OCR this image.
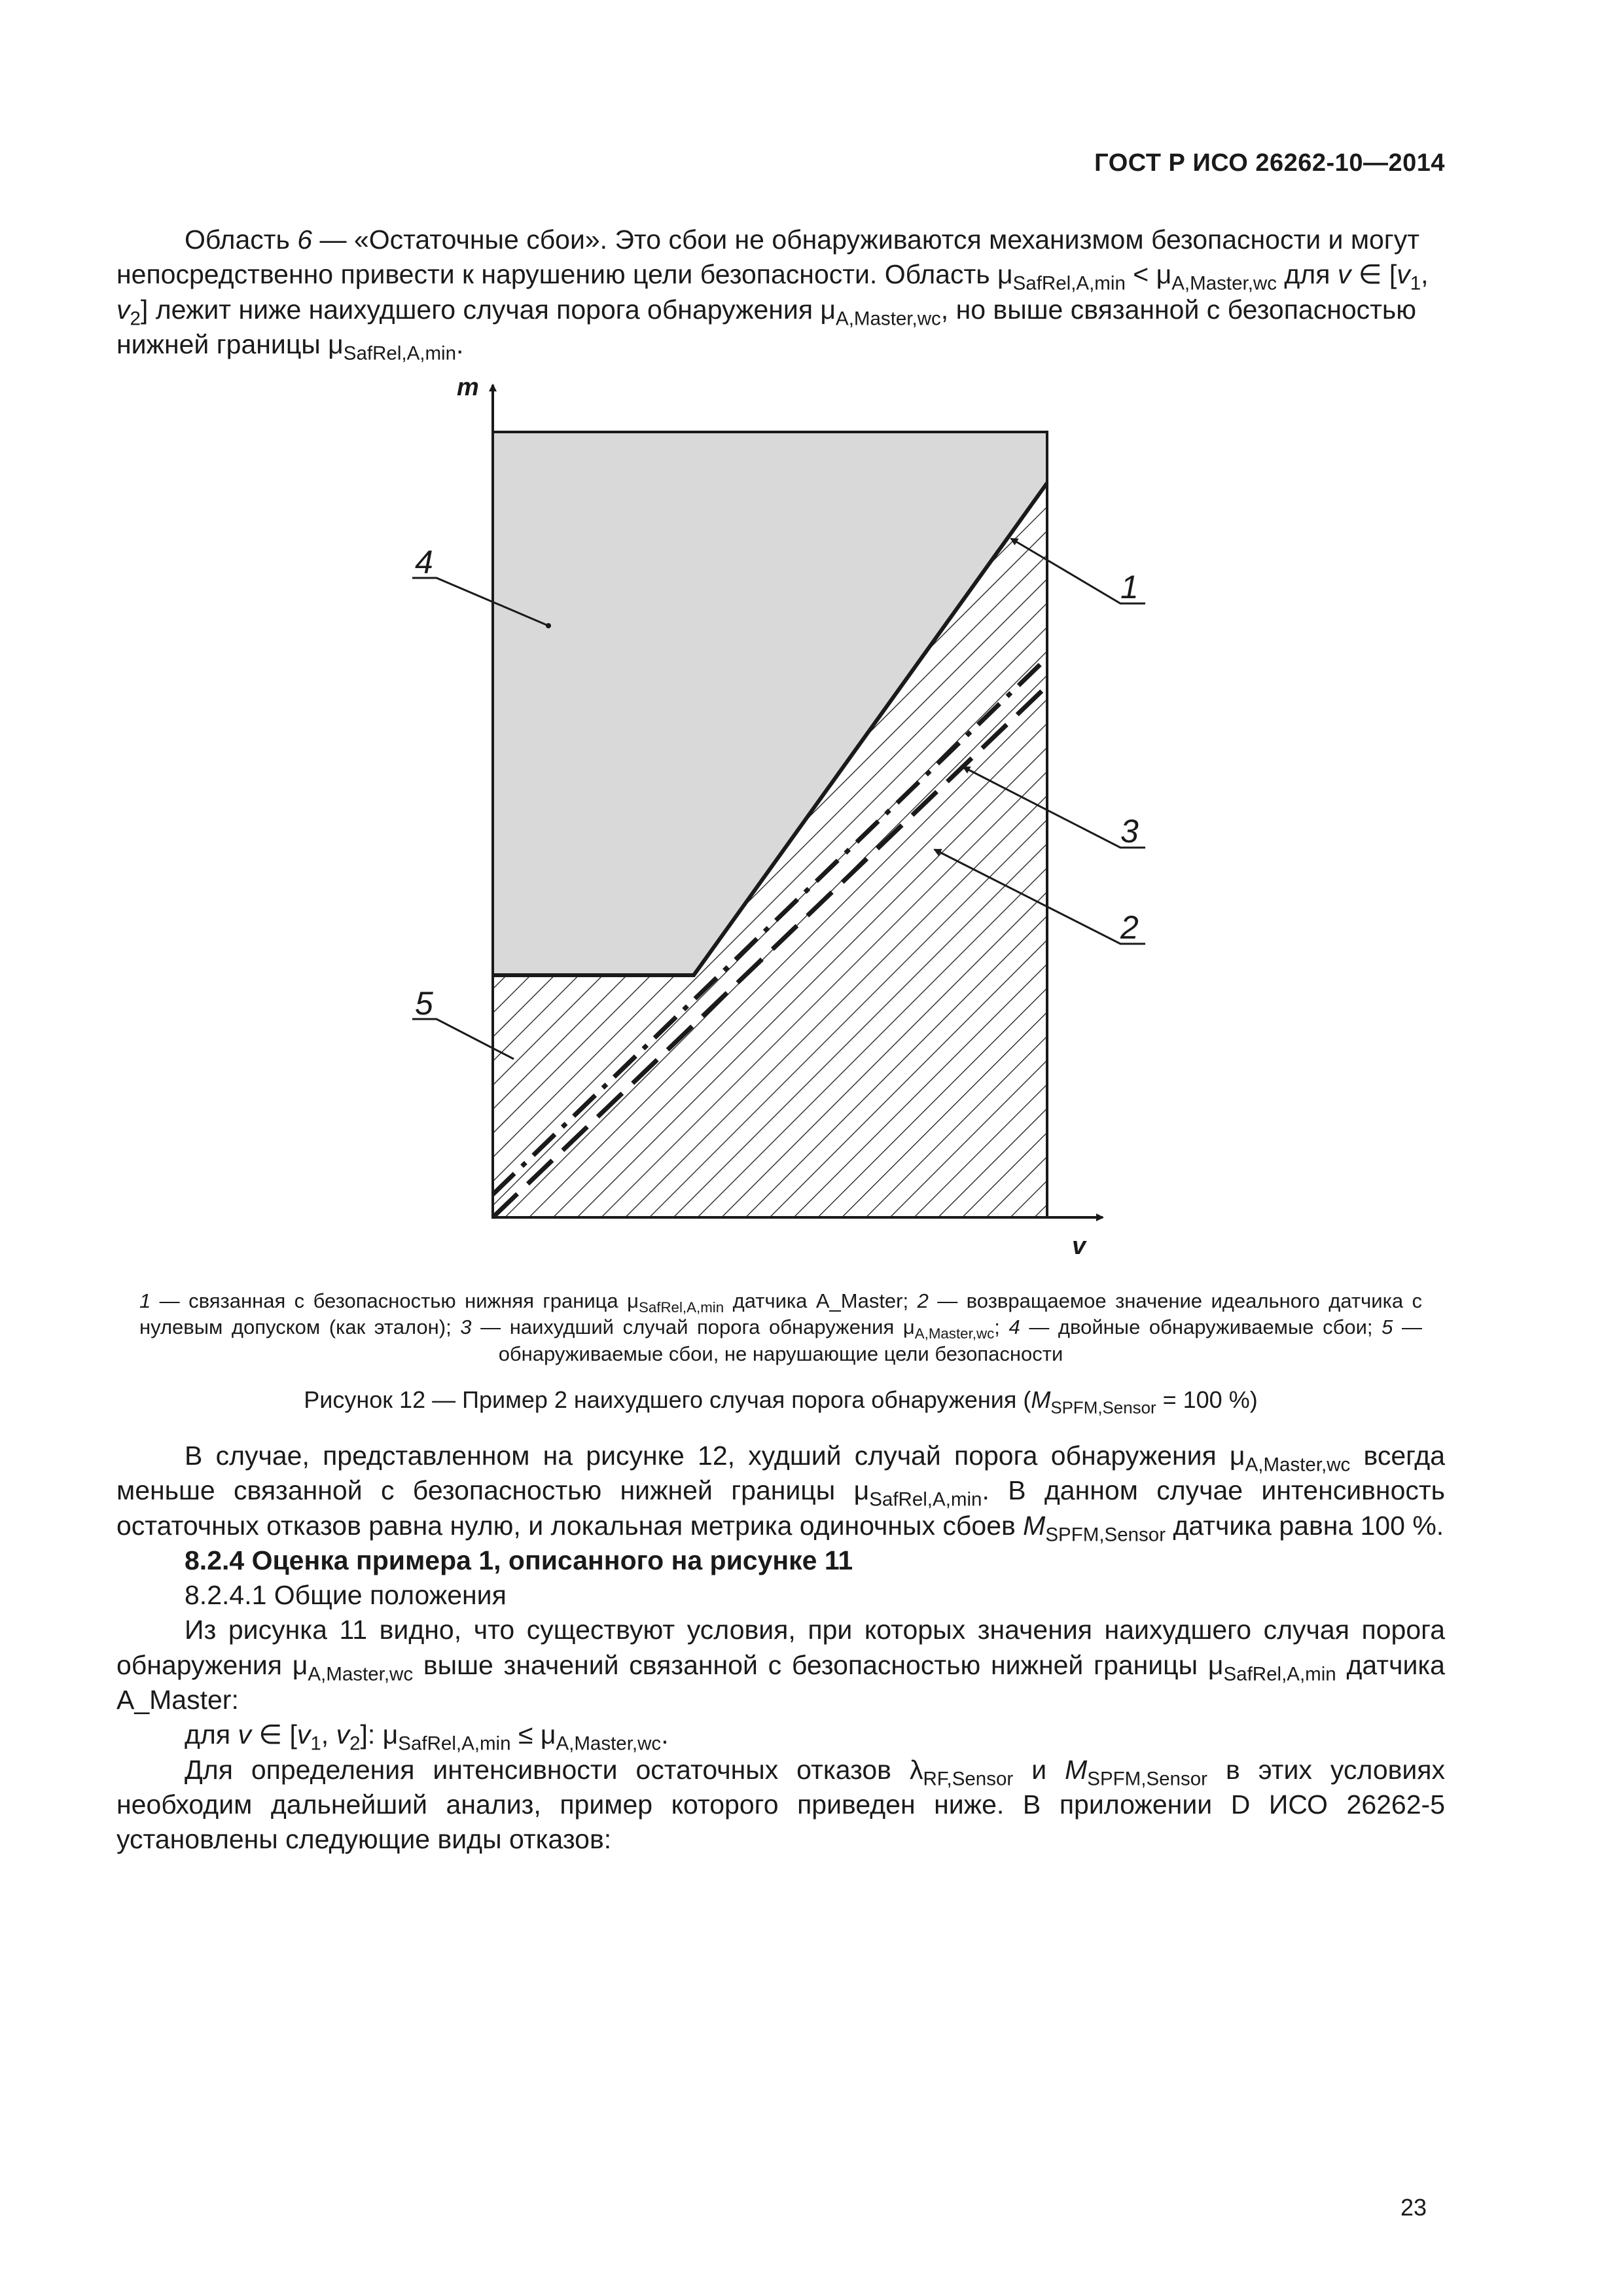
ГОСТ Р ИСО 26262-10—2014

Область 6 — «Остаточные сбои». Это сбои не обнаруживаются механизмом безопасности и могут непосредственно привести к нарушению цели безопасности. Область $\mu_{SafRel,A,min} < \mu_{A,Master,wc}$ для v ∈ [$v_1$, $v_2$] лежит ниже наихудшего случая порога обнаружения $\mu_{A,Master,wc}$, но выше связанной с безопасностью нижней границы $\mu_{SafRel,A,min}$.

m
v
4
5
1
3
2
1 — связанная с безопасностью нижняя граница $\mu_{SafRel,A,min}$ датчика A_Master; 2 — возвращаемое значение идеального датчика с нулевым допуском (как эталон); 3 — наихудший случай порога обнаружения $\mu_{A,Master,wc}$; 4 — двойные обнаруживаемые сбои; 5 — обнаруживаемые сбои, не нарушающие цели безопасности
Рисунок 12 — Пример 2 наихудшего случая порога обнаружения ($M_{SPFM,Sensor} = 100$ %)

В случае, представленном на рисунке 12, худший случай порога обнаружения $\mu_{A,Master,wc}$ всегда меньше связанной с безопасностью нижней границы $\mu_{SafRel,A,min}$. В данном случае интенсивность остаточных отказов равна нулю, и локальная метрика одиночных сбоев $M_{SPFM,Sensor}$ датчика равна 100 %.

8.2.4 Оценка примера 1, описанного на рисунке 11

8.2.4.1 Общие положения

Из рисунка 11 видно, что существуют условия, при которых значения наихудшего случая порога обнаружения $\mu_{A,Master,wc}$ выше значений связанной с безопасностью нижней границы $\mu_{SafRel,A,min}$ датчика A_Master:

для v ∈ [$v_1$, $v_2$]: $\mu_{SafRel,A,min} \le \mu_{A,Master,wc}$.

Для определения интенсивности остаточных отказов $\lambda_{RF,Sensor}$ и $M_{SPFM,Sensor}$ в этих условиях необходим дальнейший анализ, пример которого приведен ниже. В приложении D ИСО 26262-5 установлены следующие виды отказов:

23
